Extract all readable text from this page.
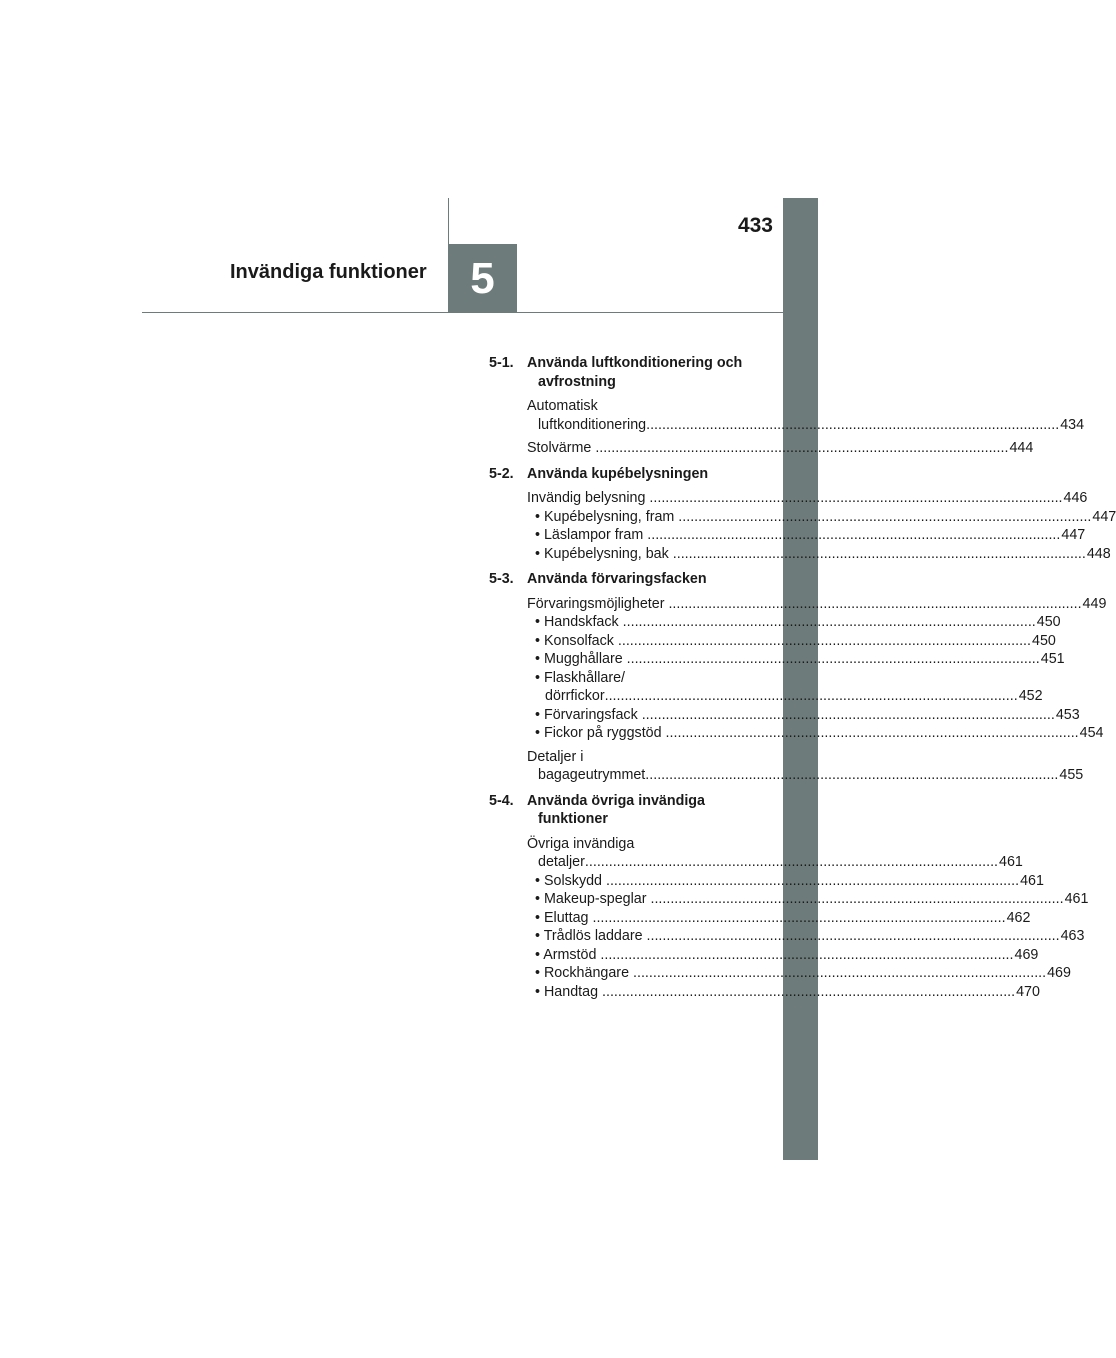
5
Invändiga funktioner
433
5-1. Använda luftkonditionering och avfrostning
Automatisk
luftkonditionering ........................................................................................................ 434
Stolvärme .....	444
5-2. Använda kupébelysningen
Invändig belysning .....	446
• Kupébelysning, fram .....	447
• Läslampor fram .....	447
• Kupébelysning, bak .....	448
5-3. Använda förvaringsfacken
Förvaringsmöjligheter .....	449
• Handskfack .....	450
• Konsolfack .....	450
• Mugghållare .....	451
• Flaskhållare/
dörrfickor ........................................................................................................ 452
• Förvaringsfack .....	453
• Fickor på ryggstöd .....	454
Detaljer i
bagageutrymmet ........................................................................................................ 455
5-4. Använda övriga invändiga funktioner
Övriga invändiga
detaljer ........................................................................................................ 461
• Solskydd .....	461
• Makeup-speglar .....	461
• Eluttag .....	462
• Trådlös laddare .....	463
• Armstöd .....	469
• Rockhängare .....	469
• Handtag .....	470
